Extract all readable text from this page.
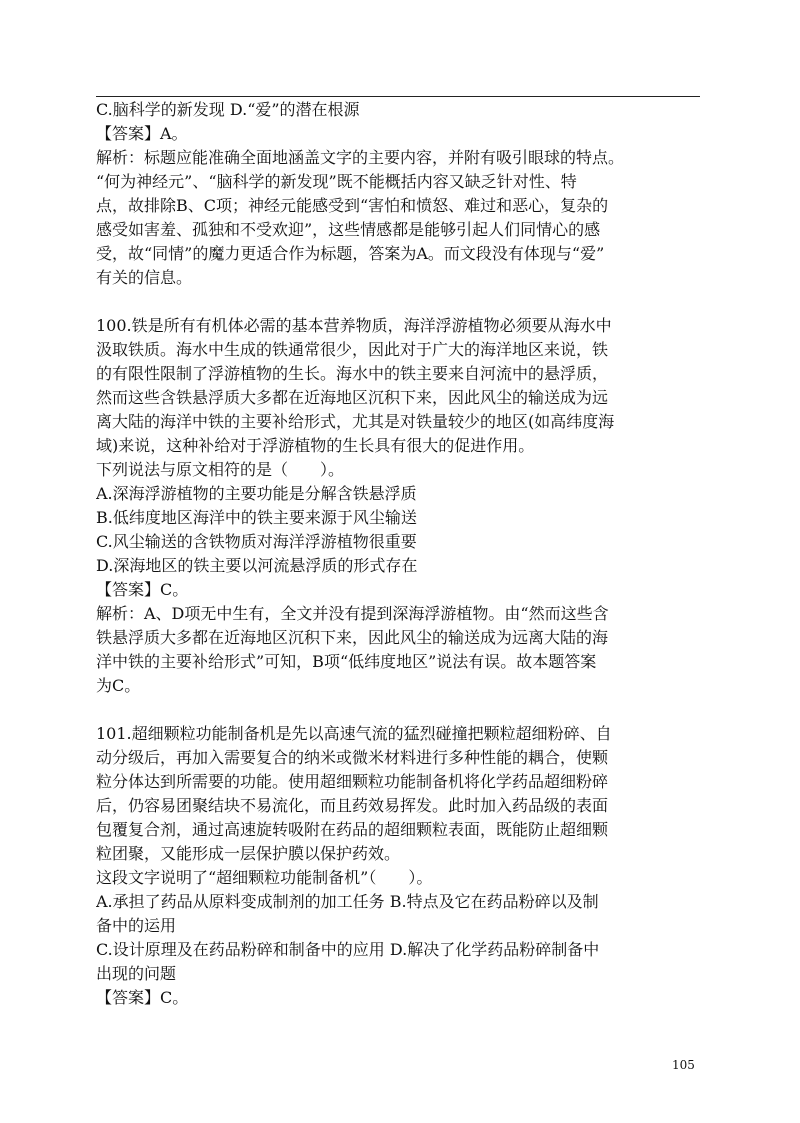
C.脑科学的新发现 D.“爱”的潜在根源
【答案】A。
解析：标题应能准确全面地涵盖文字的主要内容，并附有吸引眼球的特点。
“何为神经元”、“脑科学的新发现”既不能概括内容又缺乏针对性、特
点，故排除B、C项；神经元能感受到“害怕和愤怒、难过和恶心，复杂的
感受如害羞、孤独和不受欢迎”，这些情感都是能够引起人们同情心的感
受，故“同情”的魔力更适合作为标题，答案为A。而文段没有体现与“爱”
有关的信息。
100.铁是所有有机体必需的基本营养物质，海洋浮游植物必须要从海水中
汲取铁质。海水中生成的铁通常很少，因此对于广大的海洋地区来说，铁
的有限性限制了浮游植物的生长。海水中的铁主要来自河流中的悬浮质，
然而这些含铁悬浮质大多都在近海地区沉积下来，因此风尘的输送成为远
离大陆的海洋中铁的主要补给形式，尤其是对铁量较少的地区(如高纬度海
域)来说，这种补给对于浮游植物的生长具有很大的促进作用。
下列说法与原文相符的是（　　）。
A.深海浮游植物的主要功能是分解含铁悬浮质
B.低纬度地区海洋中的铁主要来源于风尘输送
C.风尘输送的含铁物质对海洋浮游植物很重要
D.深海地区的铁主要以河流悬浮质的形式存在
【答案】C。
解析：A、D项无中生有，全文并没有提到深海浮游植物。由“然而这些含
铁悬浮质大多都在近海地区沉积下来，因此风尘的输送成为远离大陆的海
洋中铁的主要补给形式”可知，B项“低纬度地区”说法有误。故本题答案
为C。
101.超细颗粒功能制备机是先以高速气流的猛烈碰撞把颗粒超细粉碎、自
动分级后，再加入需要复合的纳米或微米材料进行多种性能的耦合，使颗
粒分体达到所需要的功能。使用超细颗粒功能制备机将化学药品超细粉碎
后，仍容易团聚结块不易流化，而且药效易挥发。此时加入药品级的表面
包覆复合剂，通过高速旋转吸附在药品的超细颗粒表面，既能防止超细颗
粒团聚，又能形成一层保护膜以保护药效。
这段文字说明了“超细颗粒功能制备机”（　　）。
A.承担了药品从原料变成制剂的加工任务 B.特点及它在药品粉碎以及制
备中的运用
C.设计原理及在药品粉碎和制备中的应用 D.解决了化学药品粉碎制备中
出现的问题
【答案】C。
105
